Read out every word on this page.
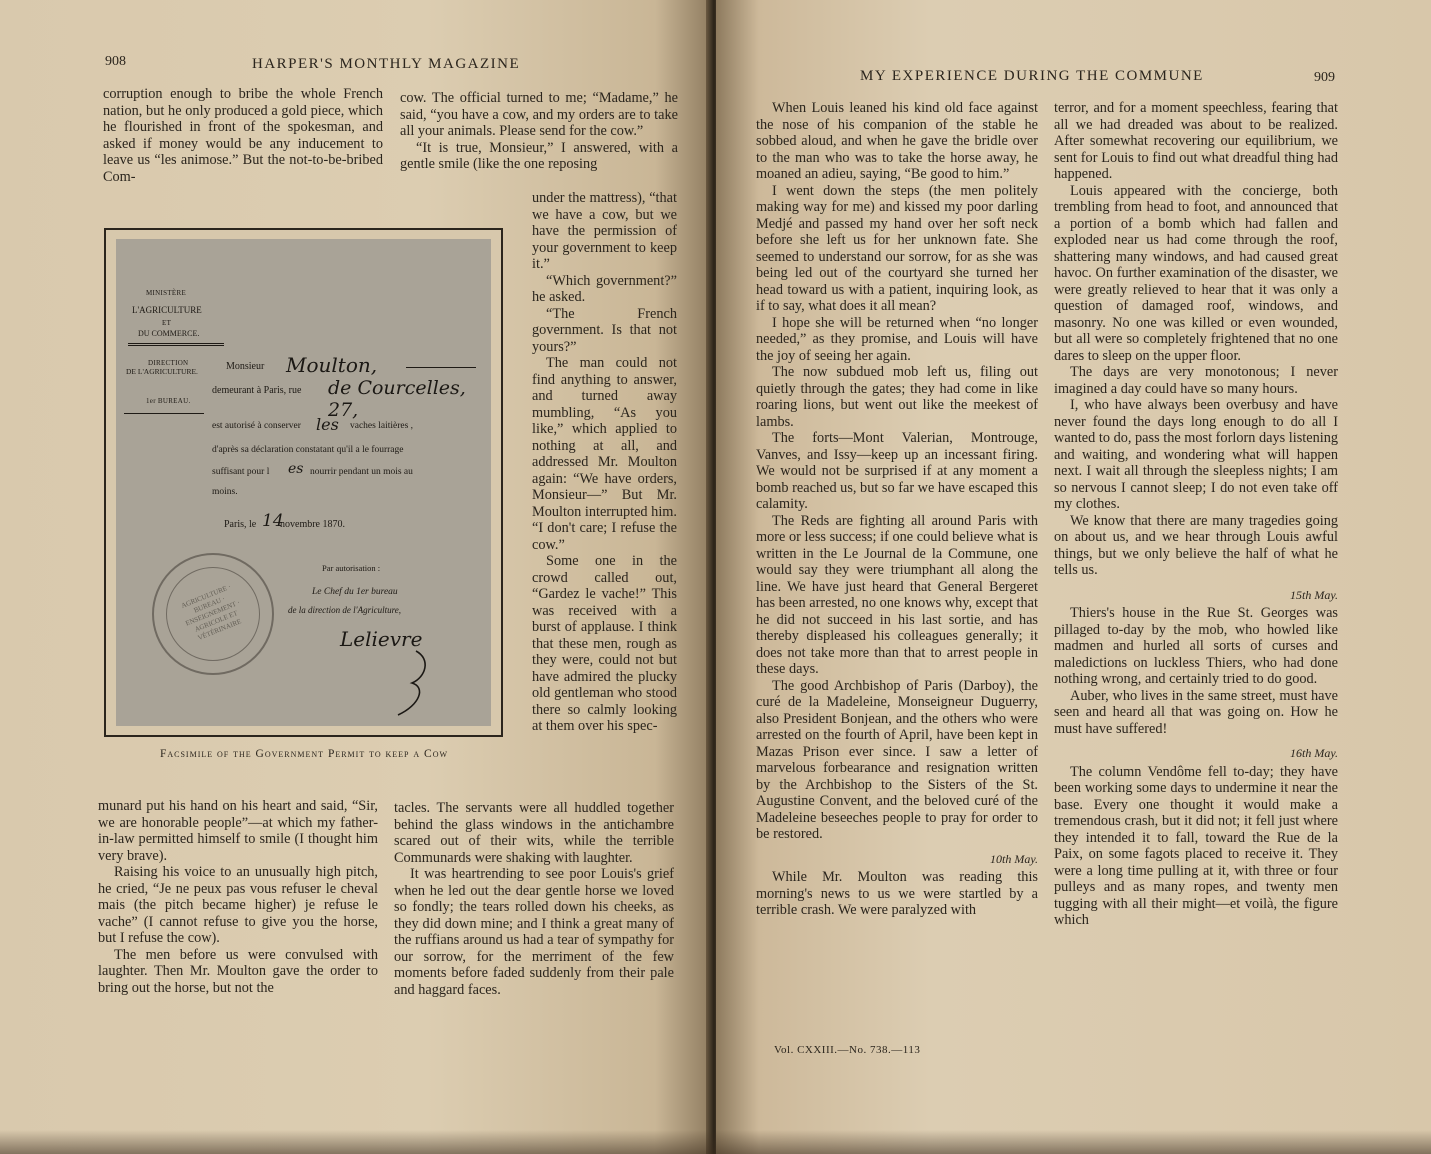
908	HARPER'S MONTHLY MAGAZINE

corruption enough to bribe the whole French nation, but he only produced a gold piece, which he flourished in front of the spokesman, and asked if money would be any inducement to leave us “les animose.” But the not-to-be-bribed Com-

cow. The official turned to me; “Madame,” he said, “you have a cow, and my orders are to take all your animals. Please send for the cow.”

“It is true, Monsieur,” I answered, with a gentle smile (like the one reposing

under the mattress), “that we have a cow, but we have the permission of your government to keep it.”

“Which government?” he asked.

“The French government. Is that not yours?”

The man could not find anything to answer, and turned away mumbling, “As you like,” which applied to nothing at all, and addressed Mr. Moulton again: “We have orders, Monsieur—” But Mr. Moulton interrupted him. “I don't care; I refuse the cow.”

Some one in the crowd called out, “Gardez le vache!” This was received with a burst of applause. I think that these men, rough as they were, could not but have admired the plucky old gentleman who stood there so calmly looking at them over his spec-

MINISTÈRE
L'AGRICULTURE
ET
DU COMMERCE.
DIRECTION
DE L'AGRICULTURE.
1er BUREAU.
Monsieur Moulton,
demeurant à Paris, rue de Courcelles, 27,
est autorisé à conserver les vaches laitières ,
d'après sa déclaration constatant qu'il a le fourrage
suffisant pour l es nourrir pendant un mois au
moins.
Paris, le 14
novembre 1870.
AGRICULTURE · BUREAU · ENSEIGNEMENT · AGRICOLE ET VÉTÉRINAIRE
Par autorisation :
Le Chef du 1er bureau
de la direction de l'Agriculture,
Lelievre
Facsimile of the Government Permit to keep a Cow

munard put his hand on his heart and said, “Sir, we are honorable people”—at which my father-in-law permitted himself to smile (I thought him very brave).

Raising his voice to an unusually high pitch, he cried, “Je ne peux pas vous refuser le cheval mais (the pitch became higher) je refuse le vache” (I cannot refuse to give you the horse, but I refuse the cow).

The men before us were convulsed with laughter. Then Mr. Moulton gave the order to bring out the horse, but not the

tacles. The servants were all huddled together behind the glass windows in the antichambre scared out of their wits, while the terrible Communards were shaking with laughter.

It was heartrending to see poor Louis's grief when he led out the dear gentle horse we loved so fondly; the tears rolled down his cheeks, as they did down mine; and I think a great many of the ruffians around us had a tear of sympathy for our sorrow, for the merriment of the few moments before faded suddenly from their pale and haggard faces.

MY EXPERIENCE DURING THE COMMUNE	909

When Louis leaned his kind old face against the nose of his companion of the stable he sobbed aloud, and when he gave the bridle over to the man who was to take the horse away, he moaned an adieu, saying, “Be good to him.”

I went down the steps (the men politely making way for me) and kissed my poor darling Medjé and passed my hand over her soft neck before she left us for her unknown fate. She seemed to understand our sorrow, for as she was being led out of the courtyard she turned her head toward us with a patient, inquiring look, as if to say, what does it all mean?

I hope she will be returned when “no longer needed,” as they promise, and Louis will have the joy of seeing her again.

The now subdued mob left us, filing out quietly through the gates; they had come in like roaring lions, but went out like the meekest of lambs.

The forts—Mont Valerian, Montrouge, Vanves, and Issy—keep up an incessant firing. We would not be surprised if at any moment a bomb reached us, but so far we have escaped this calamity.

The Reds are fighting all around Paris with more or less success; if one could believe what is written in the Le Journal de la Commune, one would say they were triumphant all along the line. We have just heard that General Bergeret has been arrested, no one knows why, except that he did not succeed in his last sortie, and has thereby displeased his colleagues generally; it does not take more than that to arrest people in these days.

The good Archbishop of Paris (Darboy), the curé de la Madeleine, Monseigneur Duguerry, also President Bonjean, and the others who were arrested on the fourth of April, have been kept in Mazas Prison ever since. I saw a letter of marvelous forbearance and resignation written by the Archbishop to the Sisters of the St. Augustine Convent, and the beloved curé of the Madeleine beseeches people to pray for order to be restored.

10th May.

While Mr. Moulton was reading this morning's news to us we were startled by a terrible crash. We were paralyzed with

terror, and for a moment speechless, fearing that all we had dreaded was about to be realized. After somewhat recovering our equilibrium, we sent for Louis to find out what dreadful thing had happened.

Louis appeared with the concierge, both trembling from head to foot, and announced that a portion of a bomb which had fallen and exploded near us had come through the roof, shattering many windows, and had caused great havoc. On further examination of the disaster, we were greatly relieved to hear that it was only a question of damaged roof, windows, and masonry. No one was killed or even wounded, but all were so completely frightened that no one dares to sleep on the upper floor.

The days are very monotonous; I never imagined a day could have so many hours.

I, who have always been overbusy and have never found the days long enough to do all I wanted to do, pass the most forlorn days listening and waiting, and wondering what will happen next. I wait all through the sleepless nights; I am so nervous I cannot sleep; I do not even take off my clothes.

We know that there are many tragedies going on about us, and we hear through Louis awful things, but we only believe the half of what he tells us.

15th May.

Thiers's house in the Rue St. Georges was pillaged to-day by the mob, who howled like madmen and hurled all sorts of curses and maledictions on luckless Thiers, who had done nothing wrong, and certainly tried to do good.

Auber, who lives in the same street, must have seen and heard all that was going on. How he must have suffered!

16th May.

The column Vendôme fell to-day; they have been working some days to undermine it near the base. Every one thought it would make a tremendous crash, but it did not; it fell just where they intended it to fall, toward the Rue de la Paix, on some fagots placed to receive it. They were a long time pulling at it, with three or four pulleys and as many ropes, and twenty men tugging with all their might—et voilà, the figure which

Vol. CXXIII.—No. 738.—113
